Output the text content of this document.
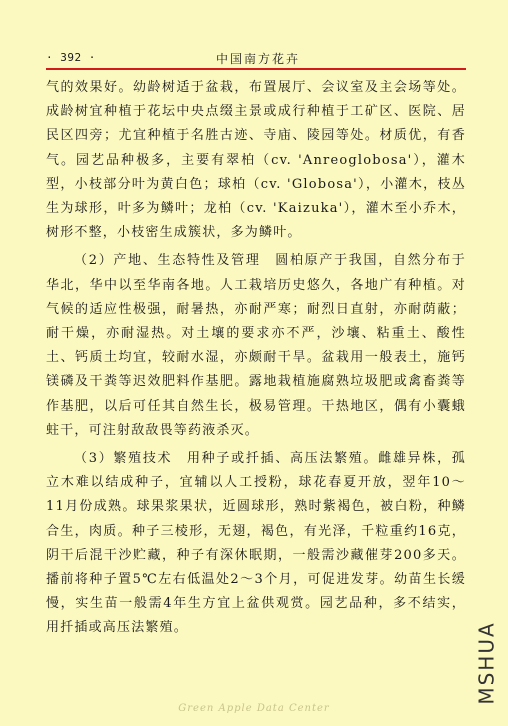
· 392 ·	中国南方花卉

气的效果好。幼龄树适于盆栽，布置展厅、会议室及主会场等处。成龄树宜种植于花坛中央点缀主景或成行种植于工矿区、医院、居民区四旁；尤宜种植于名胜古迹、寺庙、陵园等处。材质优，有香气。园艺品种极多，主要有翠柏（cv. 'Anreoglobosa'），灌木型，小枝部分叶为黄白色；球柏（cv. 'Globosa'），小灌木，枝丛生为球形，叶多为鳞叶；龙柏（cv. 'Kaizuka'），灌木至小乔木，树形不整，小枝密生成簇状，多为鳞叶。

（2）产地、生态特性及管理　圆柏原产于我国，自然分布于华北，华中以至华南各地。人工栽培历史悠久，各地广有种植。对气候的适应性极强，耐暑热，亦耐严寒；耐烈日直射，亦耐荫蔽；耐干燥，亦耐湿热。对土壤的要求亦不严，沙壤、粘重土、酸性土、钙质土均宜，较耐水湿，亦颇耐干旱。盆栽用一般表土，施钙镁磷及干粪等迟效肥料作基肥。露地栽植施腐熟垃圾肥或禽畜粪等作基肥，以后可任其自然生长，极易管理。干热地区，偶有小囊蛾蛀干，可注射敌敌畏等药液杀灭。

（3）繁殖技术　用种子或扦插、高压法繁殖。雌雄异株，孤立木难以结成种子，宜辅以人工授粉，球花春夏开放，翌年10～11月份成熟。球果浆果状，近圆球形，熟时紫褐色，被白粉，种鳞合生，肉质。种子三棱形，无翅，褐色，有光泽，千粒重约16克，阴干后混干沙贮藏，种子有深休眠期，一般需沙藏催芽200多天。播前将种子置5℃左右低温处2～3个月，可促进发芽。幼苗生长缓慢，实生苗一般需4年生方宜上盆供观赏。园艺品种，多不结实，用扦插或高压法繁殖。	MSHUA
Green Apple Data Center
